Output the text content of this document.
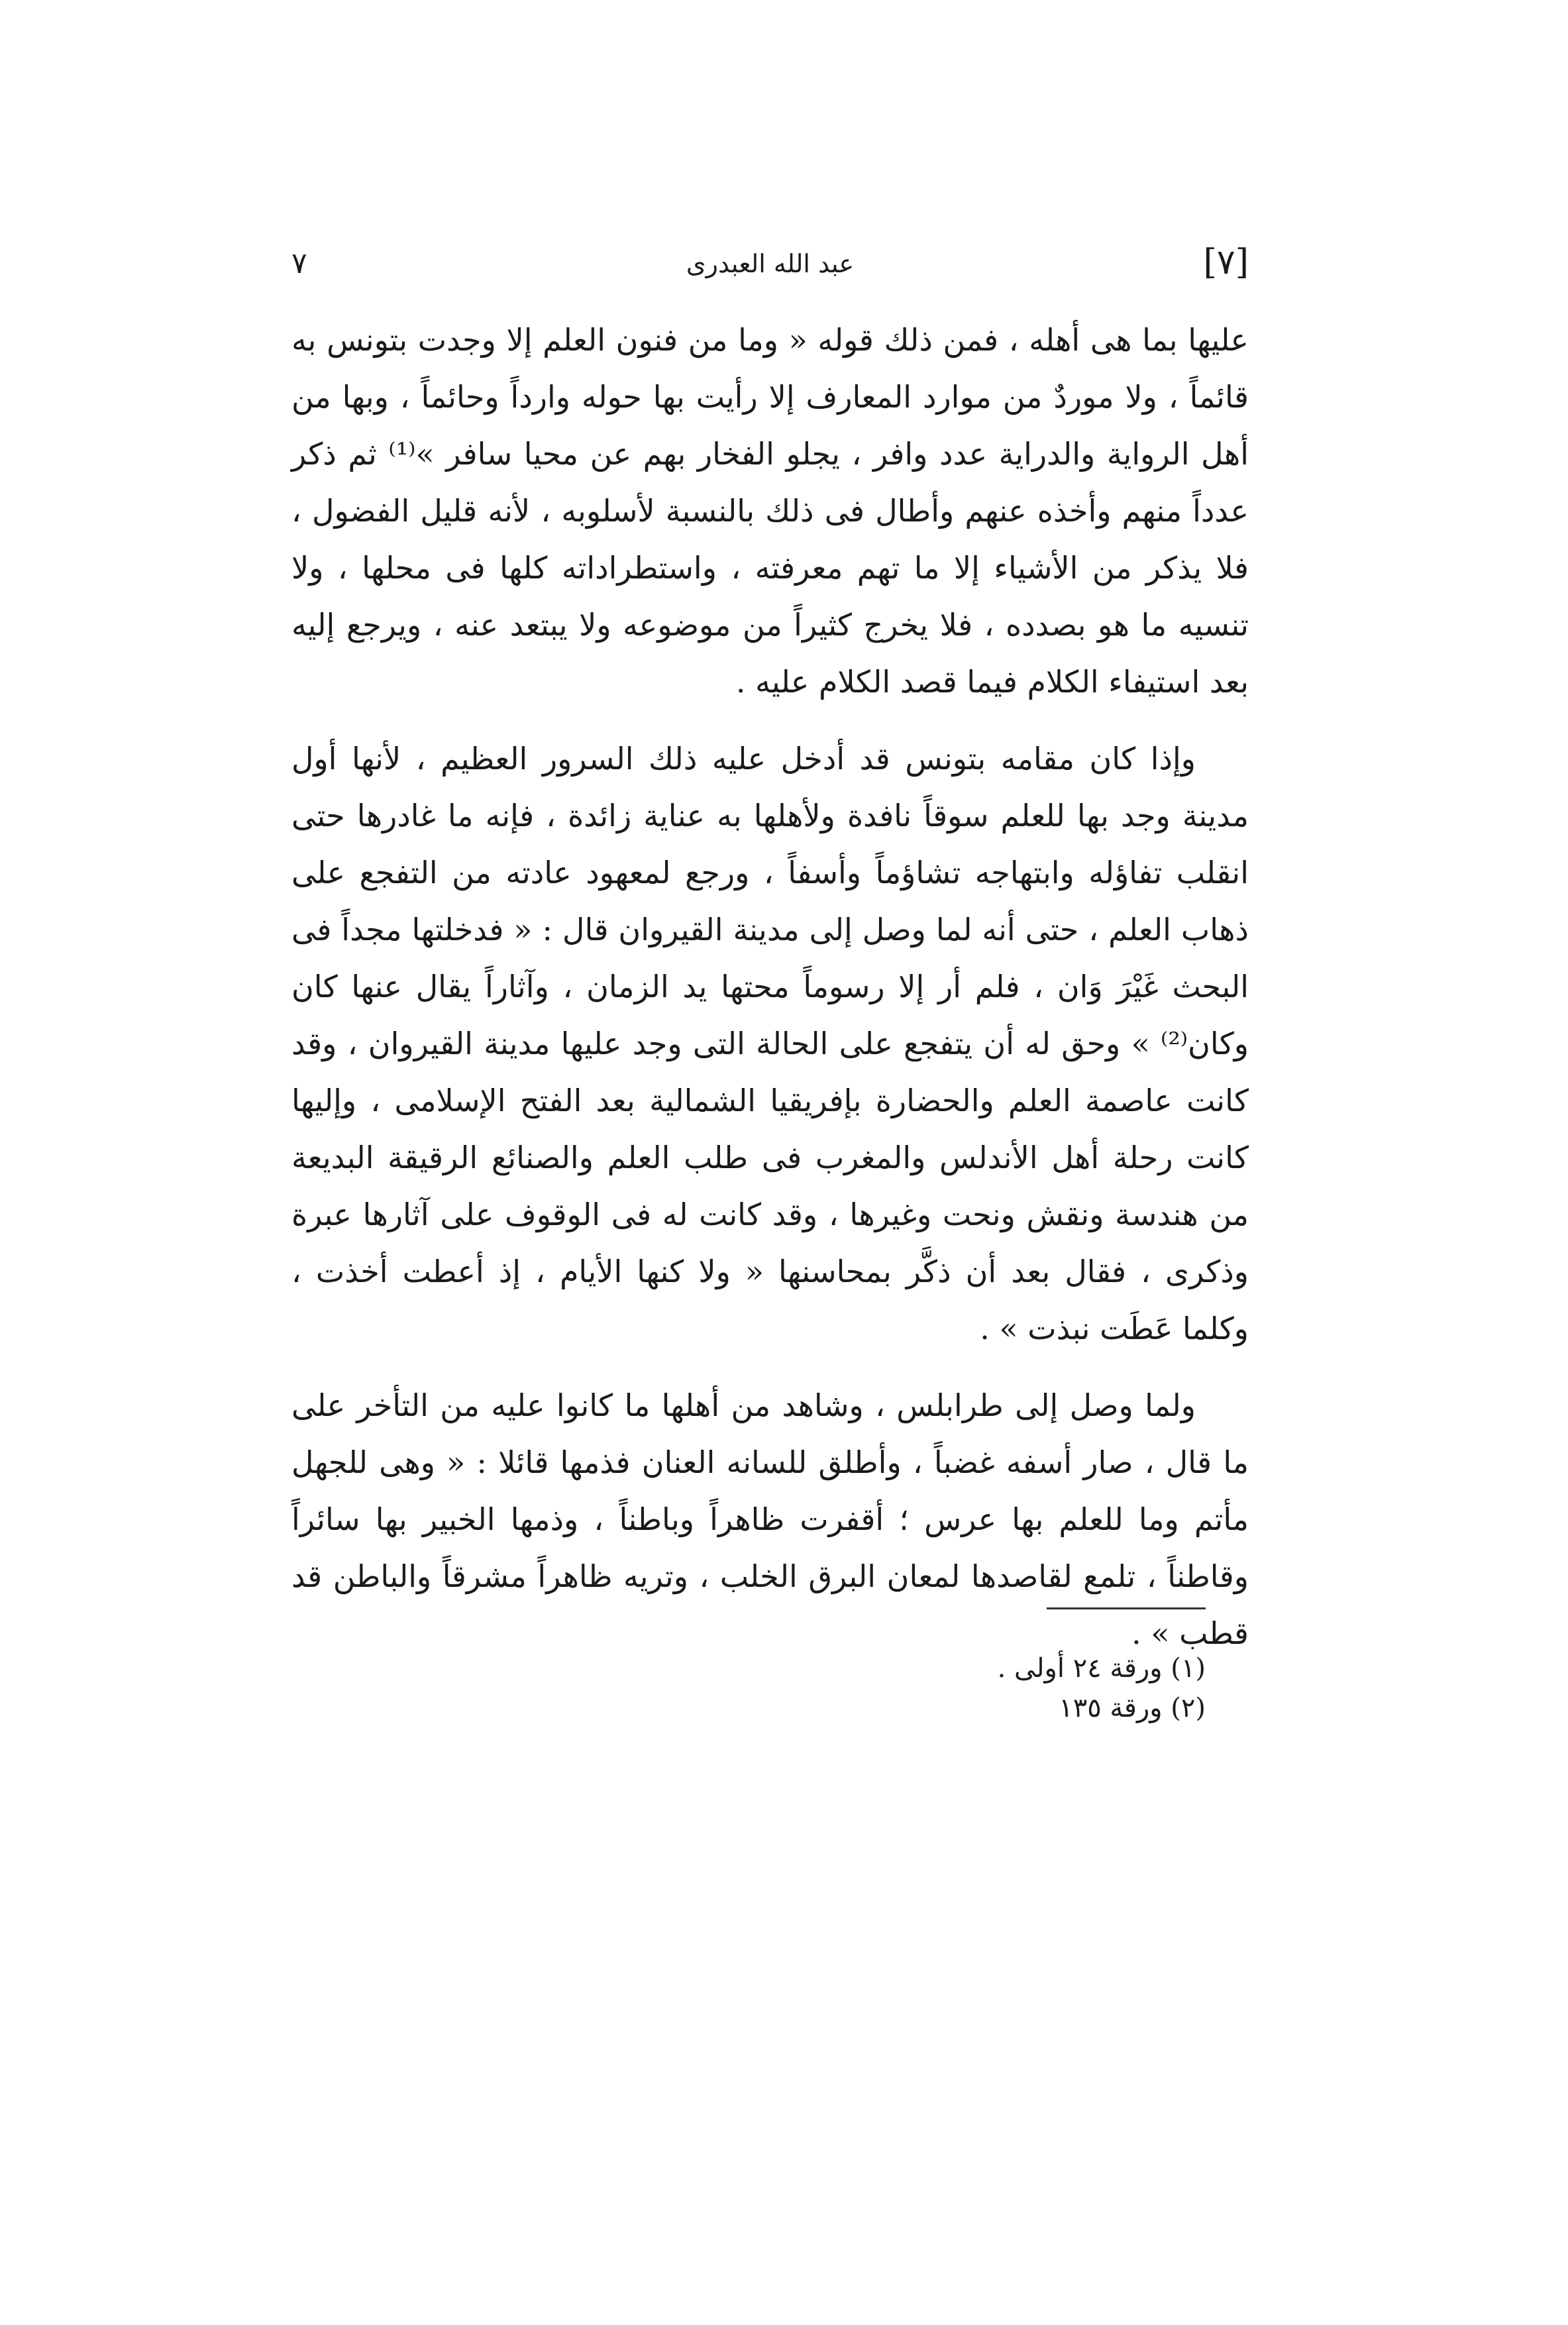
٧	عبد الله العبدرى	[٧]

عليها بما هى أهله ، فمن ذلك قوله « وما من فنون العلم إلا وجدت بتونس به قائماً ، ولا موردٌ من موارد المعارف إلا رأيت بها حوله وارداً وحائماً ، وبها من أهل الرواية والدراية عدد وافر ، يجلو الفخار بهم عن محيا سافر »⁽¹⁾ ثم ذكر عدداً منهم وأخذه عنهم وأطال فى ذلك بالنسبة لأسلوبه ، لأنه قليل الفضول ، فلا يذكر من الأشياء إلا ما تهم معرفته ، واستطراداته كلها فى محلها ، ولا تنسيه ما هو بصدده ، فلا يخرج كثيراً من موضوعه ولا يبتعد عنه ، ويرجع إليه بعد استيفاء الكلام فيما قصد الكلام عليه .

وإذا كان مقامه بتونس قد أدخل عليه ذلك السرور العظيم ، لأنها أول مدينة وجد بها للعلم سوقاً نافدة ولأهلها به عناية زائدة ، فإنه ما غادرها حتى انقلب تفاؤله وابتهاجه تشاؤماً وأسفاً ، ورجع لمعهود عادته من التفجع على ذهاب العلم ، حتى أنه لما وصل إلى مدينة القيروان قال : « فدخلتها مجداً فى البحث غَيْرَ وَان ، فلم أر إلا رسوماً محتها يد الزمان ، وآثاراً يقال عنها كان وكان⁽²⁾ » وحق له أن يتفجع على الحالة التى وجد عليها مدينة القيروان ، وقد كانت عاصمة العلم والحضارة بإفريقيا الشمالية بعد الفتح الإسلامى ، وإليها كانت رحلة أهل الأندلس والمغرب فى طلب العلم والصنائع الرقيقة البديعة من هندسة ونقش ونحت وغيرها ، وقد كانت له فى الوقوف على آثارها عبرة وذكرى ، فقال بعد أن ذكَّر بمحاسنها « ولا كنها الأيام ، إذ أعطت أخذت ، وكلما عَطَت نبذت » .

ولما وصل إلى طرابلس ، وشاهد من أهلها ما كانوا عليه من التأخر على ما قال ، صار أسفه غضباً ، وأطلق للسانه العنان فذمها قائلا : « وهى للجهل مأتم وما للعلم بها عرس ؛ أقفرت ظاهراً وباطناً ، وذمها الخبير بها سائراً وقاطناً ، تلمع لقاصدها لمعان البرق الخلب ، وتريه ظاهراً مشرقاً والباطن قد قطب » .

(١) ورقة ٢٤ أولى .
(٢) ورقة ١٣٥
